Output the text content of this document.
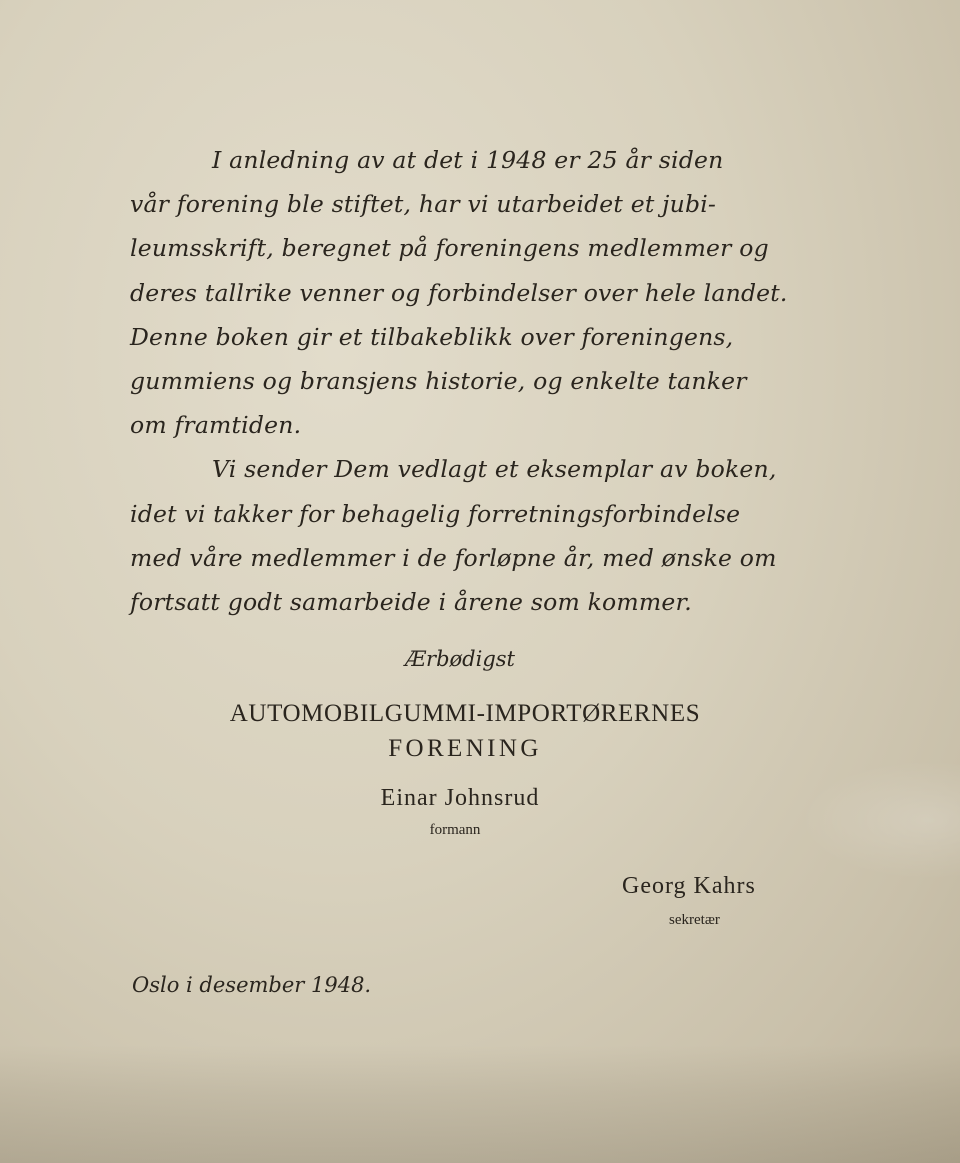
I anledning av at det i 1948 er 25 år siden
vår forening ble stiftet, har vi utarbeidet et jubi-
leumsskrift, beregnet på foreningens medlemmer og
deres tallrike venner og forbindelser over hele landet.
Denne boken gir et tilbakeblikk over foreningens,
gummiens og bransjens historie, og enkelte tanker
om framtiden.
Vi sender Dem vedlagt et eksemplar av boken,
idet vi takker for behagelig forretningsforbindelse
med våre medlemmer i de forløpne år, med ønske om
fortsatt godt samarbeide i årene som kommer.
Ærbødigst
AUTOMOBILGUMMI-IMPORTØRERNES
FORENING
Einar Johnsrud
formann
Georg Kahrs
sekretær
Oslo i desember 1948.
